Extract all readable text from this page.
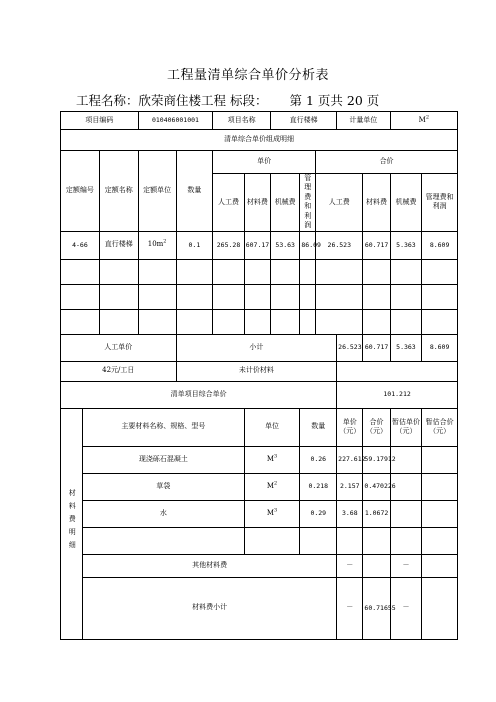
工程量清单综合单价分析表
工程名称：欣荣商住楼工程 标段： 第 1 页共 20 页
项目编码			010406001001		项目名称		直行楼梯			计量单位		$M^2$
清单综合单价组成明细													
定额编号		定额名称	定额单位	数量	单价				合价				
					人工费	材料费	机械费	管理费和利润	人工费		材料费	机械费	管理费和利润
4-66		直行楼梯	$10m^2$	0.1	265.28	607.17	53.63	86.09	26.523		60.717	5.363	8.609

人工单价				小计						26.523	60.717	5.363	8.609
42元/工日				未计价材料									
清单项目综合单价										101.212			
材料费明细	主要材料名称、规格、型号					单位		数量		单价（元）	合价（元）	暂估单价（元）	暂估合价（元）
	现浇砾石混凝土					$M^3$		0.26		227.612	59.17912		
	草袋					$M^2$		0.218		2.157	0.470226		
	水					$M^3$		0.29		3.68	1.0672		

	其他材料费									－		－	
	材料费小计									－	60.71655	－	
